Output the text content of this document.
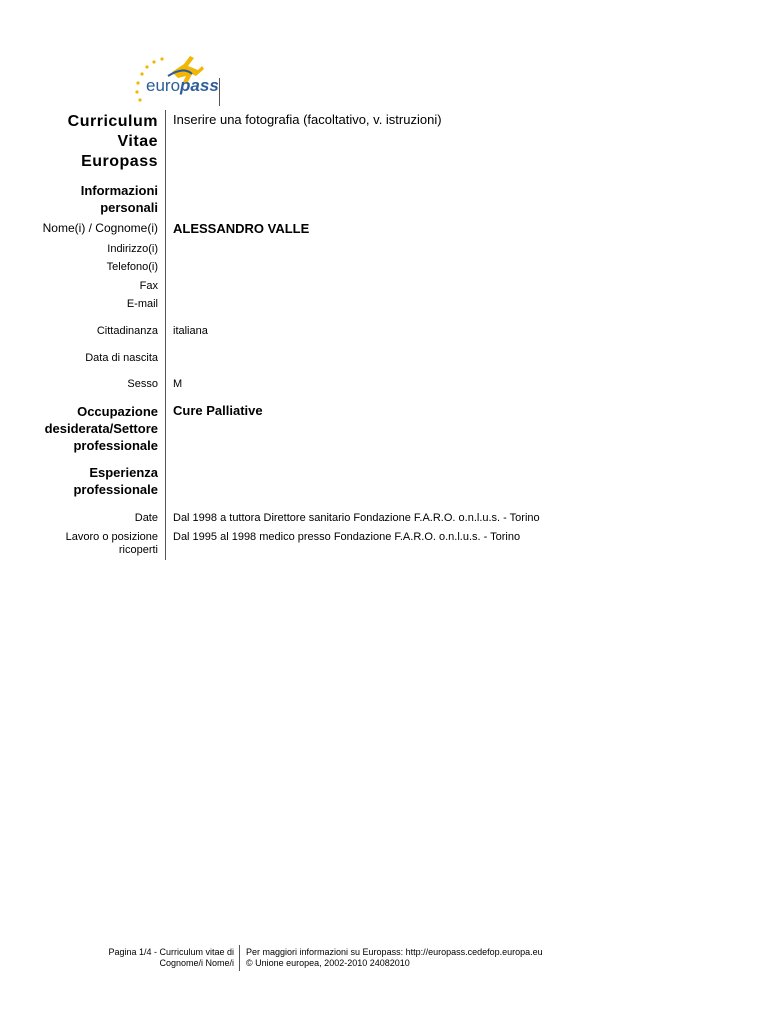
europass
Curriculum
Vitae
Europass
Inserire una fotografia (facoltativo, v. istruzioni)
Informazioni
personali
Nome(i) / Cognome(i) ALESSANDRO VALLE
Indirizzo(i)
Telefono(i)
Fax
E-mail
Cittadinanza italiana
Data di nascita
Sesso M
Occupazione
desiderata/Settore
professionale
Cure Palliative
Esperienza
professionale
Date Dal 1998 a tuttora Direttore sanitario Fondazione F.A.R.O. o.n.l.u.s. - Torino
Lavoro o posizione
ricoperti
Dal 1995 al 1998 medico presso Fondazione F.A.R.O. o.n.l.u.s. - Torino
Pagina 1/4 - Curriculum vitae di
Cognome/i Nome/i
Per maggiori informazioni su Europass: http://europass.cedefop.europa.eu
© Unione europea, 2002-2010 24082010
